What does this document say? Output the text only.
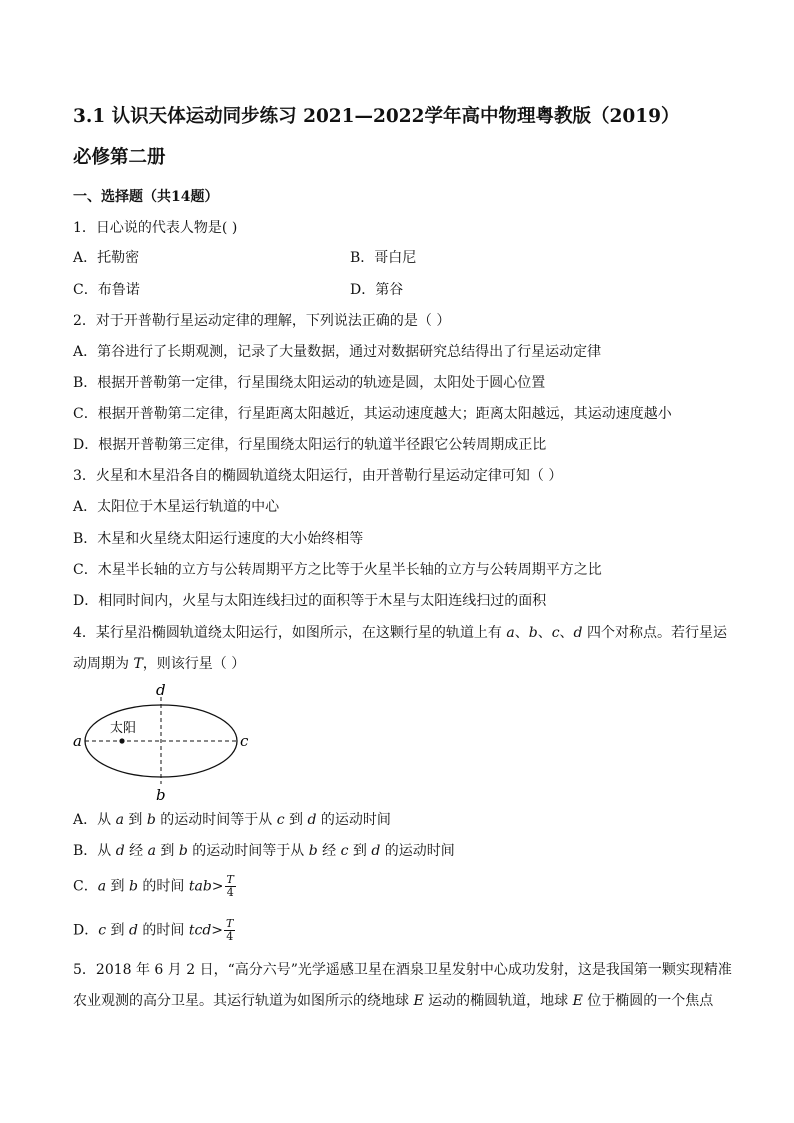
3.1 认识天体运动同步练习 2021—2022学年高中物理粤教版（2019）
必修第二册
一、选择题（共14题）
1．日心说的代表人物是( )
A．托勒密	B．哥白尼
C．布鲁诺	D．第谷
2．对于开普勒行星运动定律的理解，下列说法正确的是（ ）
A．第谷进行了长期观测，记录了大量数据，通过对数据研究总结得出了行星运动定律
B．根据开普勒第一定律，行星围绕太阳运动的轨迹是圆，太阳处于圆心位置
C．根据开普勒第二定律，行星距离太阳越近，其运动速度越大；距离太阳越远，其运动速度越小
D．根据开普勒第三定律，行星围绕太阳运行的轨道半径跟它公转周期成正比
3．火星和木星沿各自的椭圆轨道绕太阳运行，由开普勒行星运动定律可知（ ）
A．太阳位于木星运行轨道的中心
B．木星和火星绕太阳运行速度的大小始终相等
C．木星半长轴的立方与公转周期平方之比等于火星半长轴的立方与公转周期平方之比
D．相同时间内，火星与太阳连线扫过的面积等于木星与太阳连线扫过的面积
4．某行星沿椭圆轨道绕太阳运行，如图所示，在这颗行星的轨道上有 a、b、c、d 四个对称点。若行星运
动周期为 T，则该行星（ ）
太阳
a	c
d
b
A．从 a 到 b 的运动时间等于从 c 到 d 的运动时间
B．从 d 经 a 到 b 的运动时间等于从 b 经 c 到 d 的运动时间
C．a 到 b 的时间 $tab> \frac{T}{4}$
D．c 到 d 的时间 $tcd> \frac{T}{4}$
5．2018 年 6 月 2 日，“高分六号”光学遥感卫星在酒泉卫星发射中心成功发射，这是我国第一颗实现精准
农业观测的高分卫星。其运行轨道为如图所示的绕地球 E 运动的椭圆轨道，地球 E 位于椭圆的一个焦点
